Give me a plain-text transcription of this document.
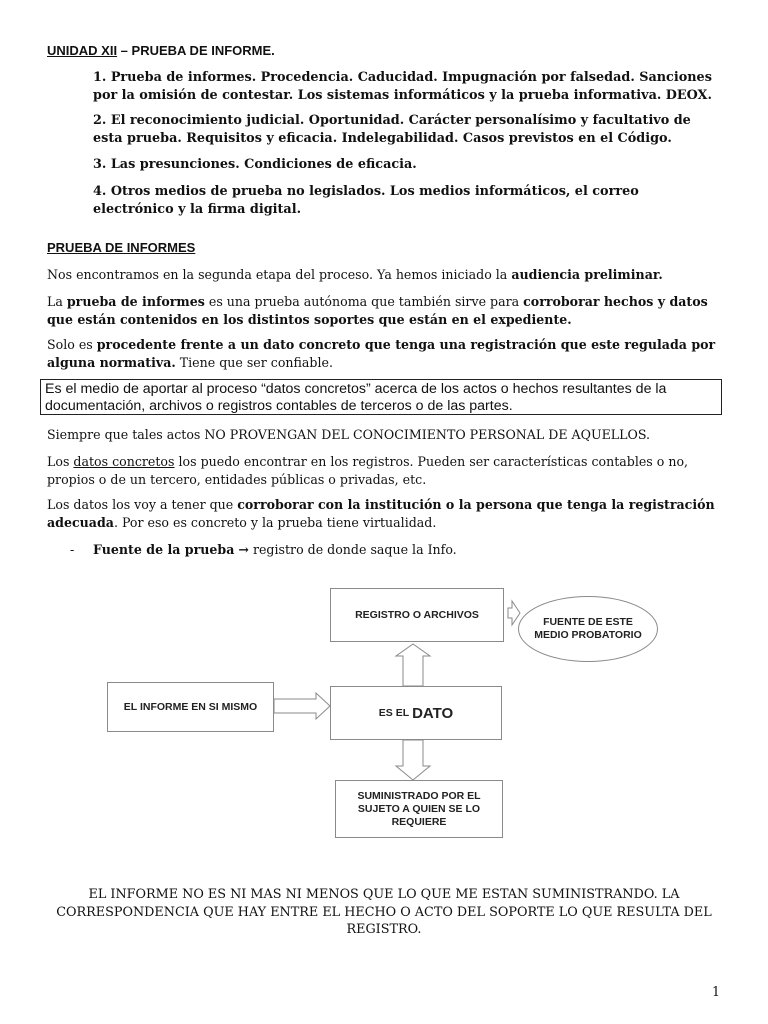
UNIDAD XII – PRUEBA DE INFORME.
1. Prueba de informes. Procedencia. Caducidad. Impugnación por falsedad. Sanciones por la omisión de contestar. Los sistemas informáticos y la prueba informativa. DEOX.
2. El reconocimiento judicial. Oportunidad. Carácter personalísimo y facultativo de esta prueba. Requisitos y eficacia. Indelegabilidad. Casos previstos en el Código.
3. Las presunciones. Condiciones de eficacia.
4. Otros medios de prueba no legislados. Los medios informáticos, el correo electrónico y la firma digital.
PRUEBA DE INFORMES
Nos encontramos en la segunda etapa del proceso. Ya hemos iniciado la audiencia preliminar.
La prueba de informes es una prueba autónoma que también sirve para corroborar hechos y datos que están contenidos en los distintos soportes que están en el expediente.
Solo es procedente frente a un dato concreto que tenga una registración que este regulada por alguna normativa. Tiene que ser confiable.
Es el medio de aportar al proceso “datos concretos” acerca de los actos o hechos resultantes de la documentación, archivos o registros contables de terceros o de las partes.
Siempre que tales actos NO PROVENGAN DEL CONOCIMIENTO PERSONAL DE AQUELLOS.
Los datos concretos los puedo encontrar en los registros. Pueden ser características contables o no, propios o de un tercero, entidades públicas o privadas, etc.
Los datos los voy a tener que corroborar con la institución o la persona que tenga la registración adecuada. Por eso es concreto y la prueba tiene virtualidad.
- Fuente de la prueba → registro de donde saque la Info.
REGISTRO O ARCHIVOS
FUENTE DE ESTE MEDIO PROBATORIO
EL INFORME EN SI MISMO	ES EL
DATO
SUMINISTRADO POR EL SUJETO A QUIEN SE LO REQUIERE
EL INFORME NO ES NI MAS NI MENOS QUE LO QUE ME ESTAN SUMINISTRANDO. LA CORRESPONDENCIA QUE HAY ENTRE EL HECHO O ACTO DEL SOPORTE LO QUE RESULTA DEL REGISTRO.
1
